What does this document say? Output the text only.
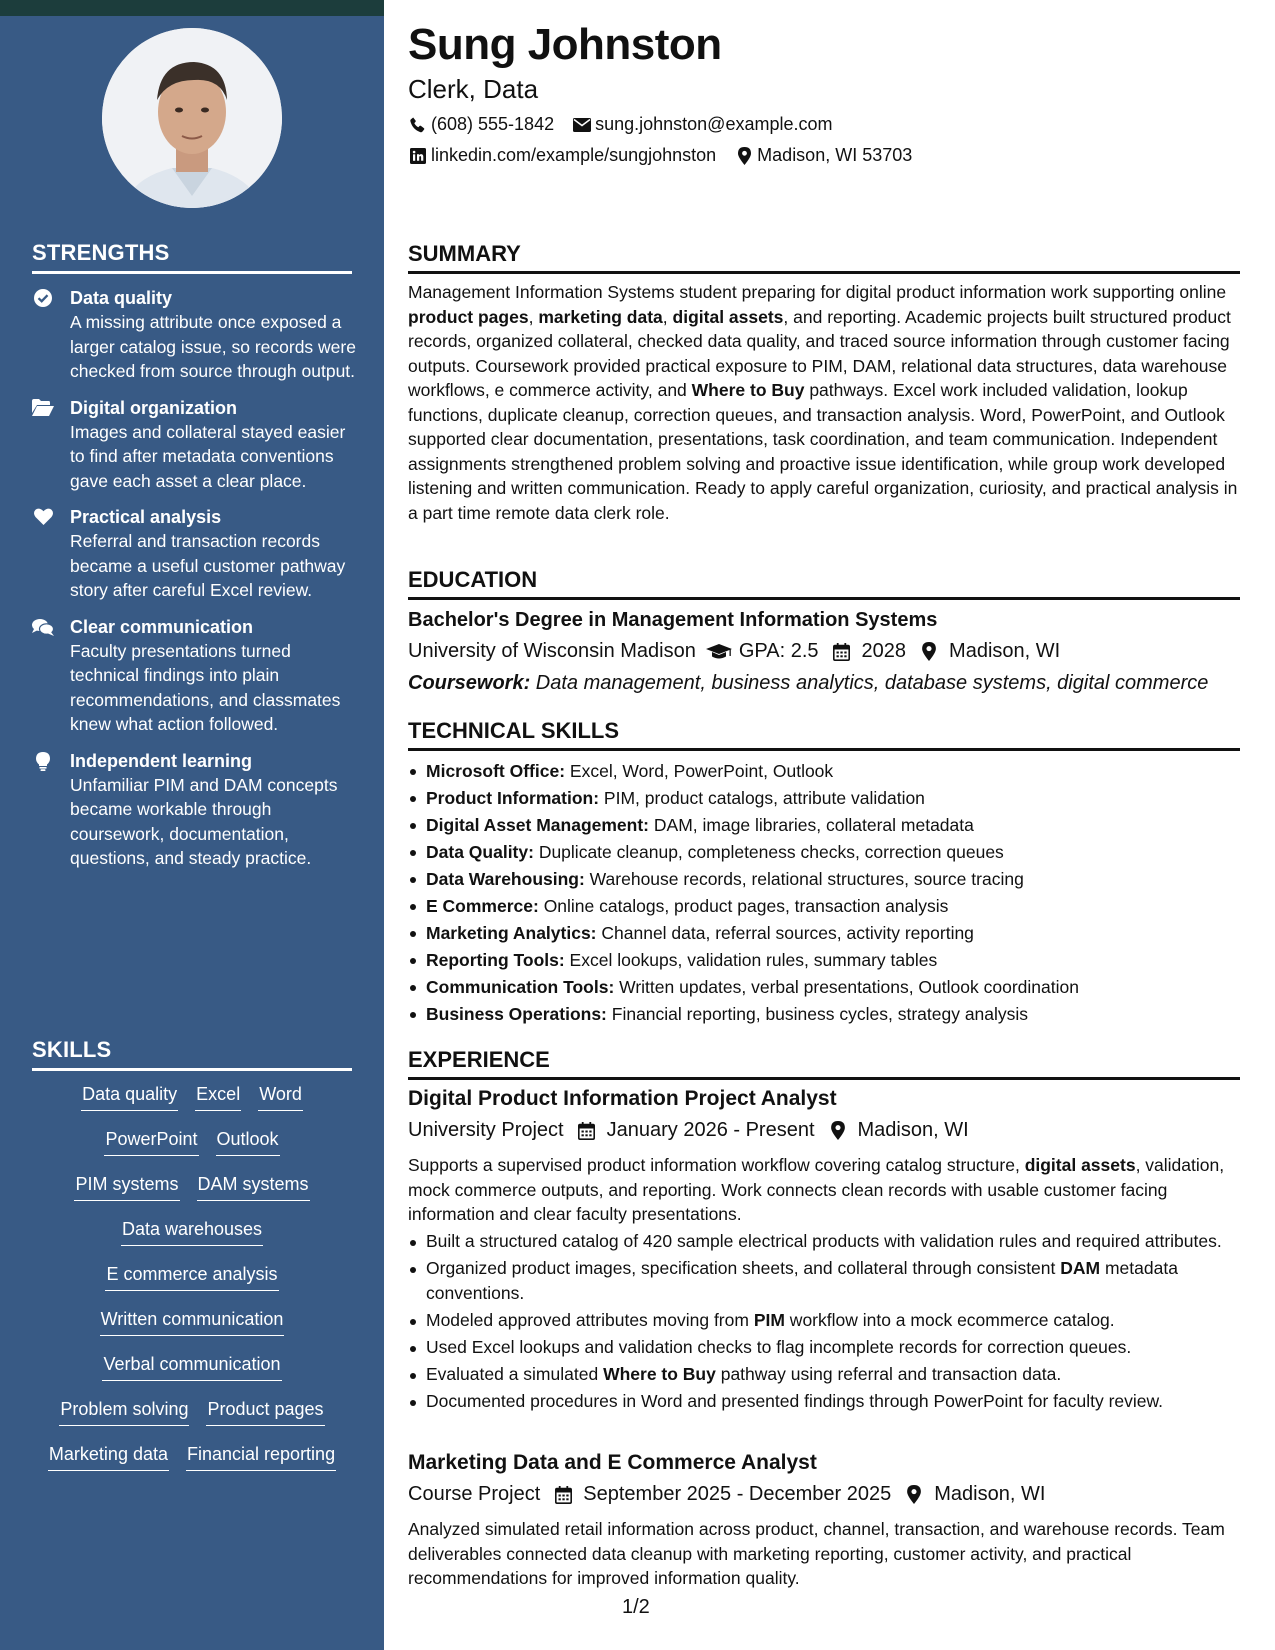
STRENGTHS
Data quality
A missing attribute once exposed a larger catalog issue, so records were checked from source through output.
Digital organization
Images and collateral stayed easier to find after metadata conventions gave each asset a clear place.
Practical analysis
Referral and transaction records became a useful customer pathway story after careful Excel review.
Clear communication
Faculty presentations turned technical findings into plain recommendations, and classmates knew what action followed.
Independent learning
Unfamiliar PIM and DAM concepts became workable through coursework, documentation, questions, and steady practice.
SKILLS
Data quality Excel Word
PowerPoint Outlook
PIM systems DAM systems
Data warehouses
E commerce analysis
Written communication
Verbal communication
Problem solving Product pages
Marketing data Financial reporting
Sung Johnston
Clerk, Data
(608) 555-1842 sung.johnston@example.com
linkedin.com/example/sungjohnston Madison, WI 53703
SUMMARY
Management Information Systems student preparing for digital product information work supporting online product pages, marketing data, digital assets, and reporting. Academic projects built structured product records, organized collateral, checked data quality, and traced source information through customer facing outputs. Coursework provided practical exposure to PIM, DAM, relational data structures, data warehouse workflows, e commerce activity, and Where to Buy pathways. Excel work included validation, lookup functions, duplicate cleanup, correction queues, and transaction analysis. Word, PowerPoint, and Outlook supported clear documentation, presentations, task coordination, and team communication. Independent assignments strengthened problem solving and proactive issue identification, while group work developed listening and written communication. Ready to apply careful organization, curiosity, and practical analysis in a part time remote data clerk role.
EDUCATION
Bachelor's Degree in Management Information Systems
University of Wisconsin Madison GPA: 2.5 2028 Madison, WI
Coursework: Data management, business analytics, database systems, digital commerce
TECHNICAL SKILLS
Microsoft Office: Excel, Word, PowerPoint, Outlook
Product Information: PIM, product catalogs, attribute validation
Digital Asset Management: DAM, image libraries, collateral metadata
Data Quality: Duplicate cleanup, completeness checks, correction queues
Data Warehousing: Warehouse records, relational structures, source tracing
E Commerce: Online catalogs, product pages, transaction analysis
Marketing Analytics: Channel data, referral sources, activity reporting
Reporting Tools: Excel lookups, validation rules, summary tables
Communication Tools: Written updates, verbal presentations, Outlook coordination
Business Operations: Financial reporting, business cycles, strategy analysis
EXPERIENCE
Digital Product Information Project Analyst
University Project January 2026 - Present Madison, WI
Supports a supervised product information workflow covering catalog structure, digital assets, validation, mock commerce outputs, and reporting. Work connects clean records with usable customer facing information and clear faculty presentations.
Built a structured catalog of 420 sample electrical products with validation rules and required attributes.
Organized product images, specification sheets, and collateral through consistent DAM metadata conventions.
Modeled approved attributes moving from PIM workflow into a mock ecommerce catalog.
Used Excel lookups and validation checks to flag incomplete records for correction queues.
Evaluated a simulated Where to Buy pathway using referral and transaction data.
Documented procedures in Word and presented findings through PowerPoint for faculty review.
Marketing Data and E Commerce Analyst
Course Project September 2025 - December 2025 Madison, WI
Analyzed simulated retail information across product, channel, transaction, and warehouse records. Team deliverables connected data cleanup with marketing reporting, customer activity, and practical recommendations for improved information quality.
1/2
